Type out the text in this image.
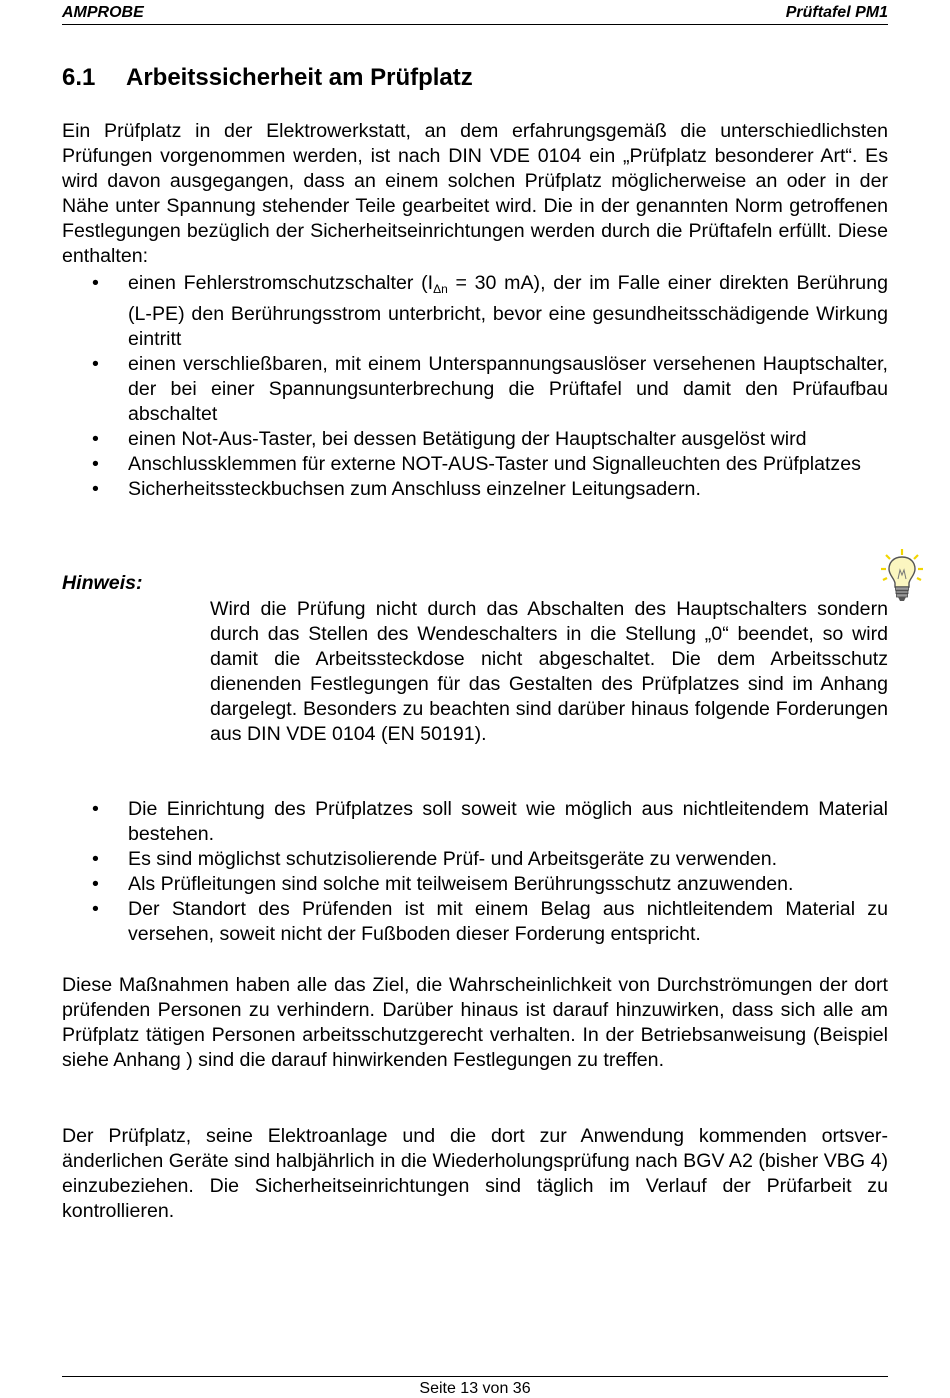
AMPROBE	Prüftafel PM1
6.1 Arbeitssicherheit am Prüfplatz

Ein Prüfplatz in der Elektrowerkstatt, an dem erfahrungsgemäß die unterschiedlichsten Prüfungen vorgenommen werden, ist nach DIN VDE 0104 ein „Prüfplatz besonderer Art“. Es wird davon ausgegangen, dass an einem solchen Prüfplatz möglicherweise an oder in der Nähe unter Spannung stehender Teile gearbeitet wird. Die in der genannten Norm getroffenen Festlegungen bezüglich der Sicherheitseinrichtungen werden durch die Prüftafeln erfüllt. Diese enthalten:

• einen Fehlerstromschutzschalter ($I_{\Delta n} = 30$ mA), der im Falle einer direkten Berührung (L-PE) den Berührungsstrom unterbricht, bevor eine gesundheitsschädigende Wirkung eintritt
• einen verschließbaren, mit einem Unterspannungsauslöser versehenen Hauptschalter, der bei einer Spannungsunterbrechung die Prüftafel und damit den Prüfaufbau abschaltet
• einen Not-Aus-Taster, bei dessen Betätigung der Hauptschalter ausgelöst wird
• Anschlussklemmen für externe NOT-AUS-Taster und Signalleuchten des Prüfplatzes
• Sicherheitssteckbuchsen zum Anschluss einzelner Leitungsadern.
Hinweis:

Wird die Prüfung nicht durch das Abschalten des Hauptschalters sondern durch das Stellen des Wendeschalters in die Stellung „0“ beendet, so wird damit die Arbeitssteckdose nicht abgeschaltet. Die dem Arbeitsschutz dienenden Festlegungen für das Gestalten des Prüfplatzes sind im Anhang dargelegt. Besonders zu beachten sind darüber hinaus folgende Forderungen aus DIN VDE 0104 (EN 50191).

• Die Einrichtung des Prüfplatzes soll soweit wie möglich aus nichtleitendem Material bestehen.
• Es sind möglichst schutzisolierende Prüf- und Arbeitsgeräte zu verwenden.
• Als Prüfleitungen sind solche mit teilweisem Berührungsschutz anzuwenden.
• Der Standort des Prüfenden ist mit einem Belag aus nichtleitendem Material zu versehen, soweit nicht der Fußboden dieser Forderung entspricht.

Diese Maßnahmen haben alle das Ziel, die Wahrscheinlichkeit von Durchströmungen der dort prüfenden Personen zu verhindern. Darüber hinaus ist darauf hinzuwirken, dass sich alle am Prüfplatz tätigen Personen arbeitsschutzgerecht verhalten. In der Betriebsanweisung (Beispiel siehe Anhang ) sind die darauf hinwirkenden Festlegungen zu treffen.

Der Prüfplatz, seine Elektroanlage und die dort zur Anwendung kommenden ortsveränderlichen Geräte sind halbjährlich in die Wiederholungsprüfung nach BGV A2 (bisher VBG 4) einzubeziehen. Die Sicherheitseinrichtungen sind täglich im Verlauf der Prüfarbeit zu kontrollieren.

Seite 13 von 36
